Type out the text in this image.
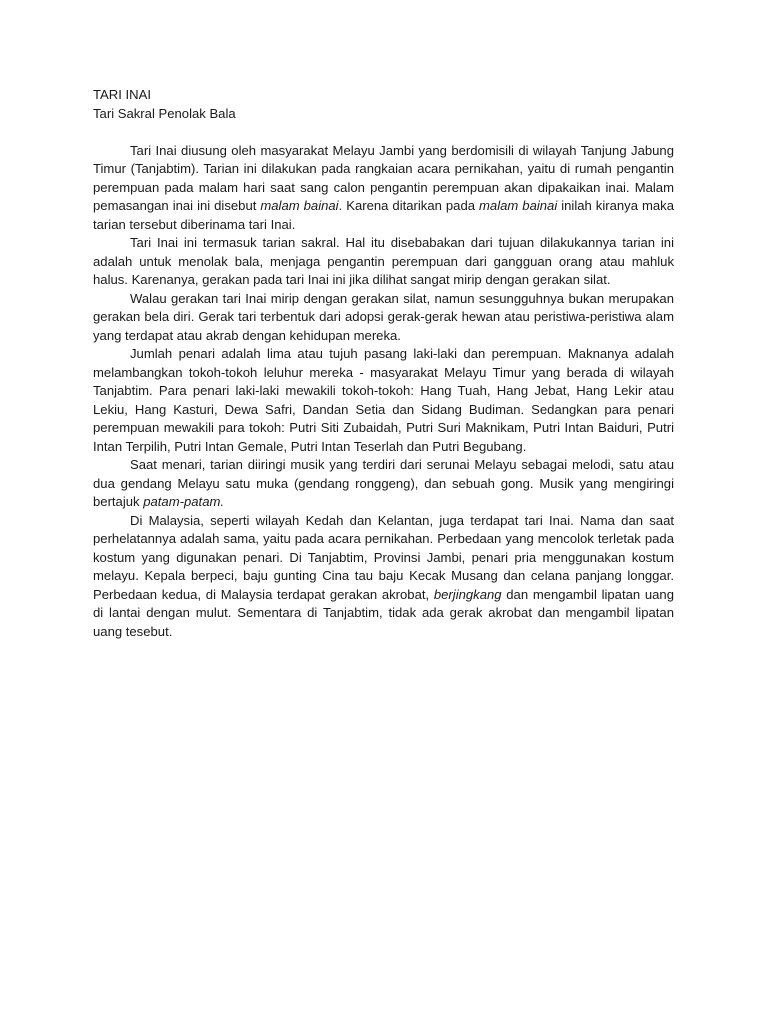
TARI INAI
Tari Sakral Penolak Bala

Tari Inai diusung oleh masyarakat Melayu Jambi yang berdomisili di wilayah Tanjung Jabung Timur (Tanjabtim). Tarian ini dilakukan pada rangkaian acara pernikahan, yaitu di rumah pengantin perempuan pada malam hari saat sang calon pengantin perempuan akan dipakaikan inai. Malam pemasangan inai ini disebut malam bainai. Karena ditarikan pada malam bainai inilah kiranya maka tarian tersebut diberinama tari Inai.

Tari Inai ini termasuk tarian sakral. Hal itu disebabakan dari tujuan dilakukannya tarian ini adalah untuk menolak bala, menjaga pengantin perempuan dari gangguan orang atau mahluk halus. Karenanya, gerakan pada tari Inai ini jika dilihat sangat mirip dengan gerakan silat.

Walau gerakan tari Inai mirip dengan gerakan silat, namun sesungguhnya bukan merupakan gerakan bela diri. Gerak tari terbentuk dari adopsi gerak-gerak hewan atau peristiwa-peristiwa alam yang terdapat atau akrab dengan kehidupan mereka.

Jumlah penari adalah lima atau tujuh pasang laki-laki dan perempuan. Maknanya adalah melambangkan tokoh-tokoh leluhur mereka - masyarakat Melayu Timur yang berada di wilayah Tanjabtim. Para penari laki-laki mewakili tokoh-tokoh: Hang Tuah, Hang Jebat, Hang Lekir atau Lekiu, Hang Kasturi, Dewa Safri, Dandan Setia dan Sidang Budiman. Sedangkan para penari perempuan mewakili para tokoh: Putri Siti Zubaidah, Putri Suri Maknikam, Putri Intan Baiduri, Putri Intan Terpilih, Putri Intan Gemale, Putri Intan Teserlah dan Putri Begubang.

Saat menari, tarian diiringi musik yang terdiri dari serunai Melayu sebagai melodi, satu atau dua gendang Melayu satu muka (gendang ronggeng), dan sebuah gong. Musik yang mengiringi bertajuk patam-patam.

Di Malaysia, seperti wilayah Kedah dan Kelantan, juga terdapat tari Inai. Nama dan saat perhelatannya adalah sama, yaitu pada acara pernikahan. Perbedaan yang mencolok terletak pada kostum yang digunakan penari. Di Tanjabtim, Provinsi Jambi, penari pria menggunakan kostum melayu. Kepala berpeci, baju gunting Cina tau baju Kecak Musang dan celana panjang longgar. Perbedaan kedua, di Malaysia terdapat gerakan akrobat, berjingkang dan mengambil lipatan uang di lantai dengan mulut. Sementara di Tanjabtim, tidak ada gerak akrobat dan mengambil lipatan uang tesebut.
